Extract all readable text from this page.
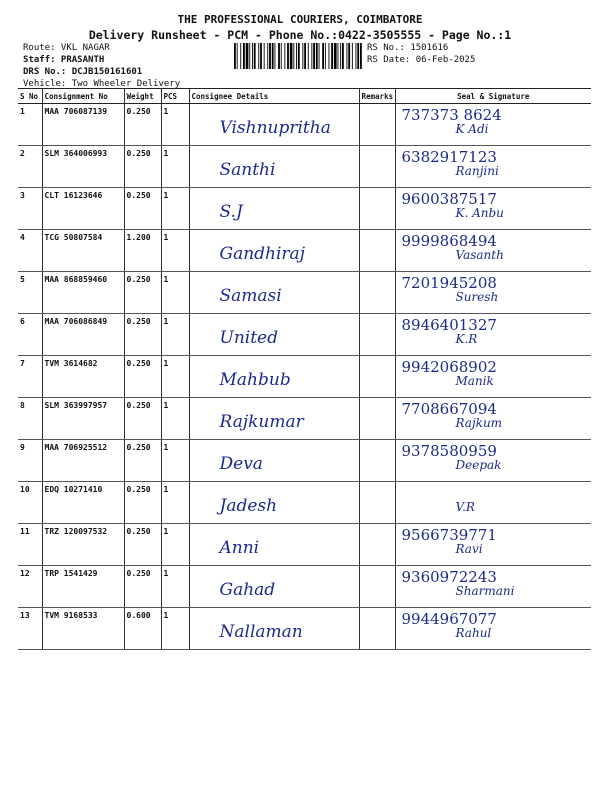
THE PROFESSIONAL COURIERS, COIMBATORE
Delivery Runsheet - PCM - Phone No.:0422-3505555 - Page No.:1
Route: VKL NAGAR
Staff: PRASANTH
DRS No.: DCJB150161601
Vehicle: Two Wheeler Delivery
RS No.: 1501616
RS Date: 06-Feb-2025
S No	Consignment No	Weight	PCS	Consignee Details	Remarks	Seal & Signature
1	MAA 706087139	0.250	1	Vishnupritha		737373 8624
K Adi

2	SLM 364006993	0.250	1	Santhi		6382917123
Ranjini

3	CLT 16123646	0.250	1	S.J		9600387517
K. Anbu

4	TCG 50807584	1.200	1	Gandhiraj		9999868494
Vasanth

5	MAA 868859460	0.250	1	Samasi		7201945208
Suresh

6	MAA 706086849	0.250	1	United		8946401327
K.R

7	TVM 3614682	0.250	1	Mahbub		9942068902
Manik

8	SLM 363997957	0.250	1	Rajkumar		7708667094
Rajkum

9	MAA 706925512	0.250	1	Deva		9378580959
Deepak

10	EDQ 10271410	0.250	1	Jadesh		V.R

11	TRZ 120097532	0.250	1	Anni		9566739771
Ravi

12	TRP 1541429	0.250	1	Gahad		9360972243
Sharmani

13	TVM 9168533	0.600	1	Nallaman		9944967077
Rahul
